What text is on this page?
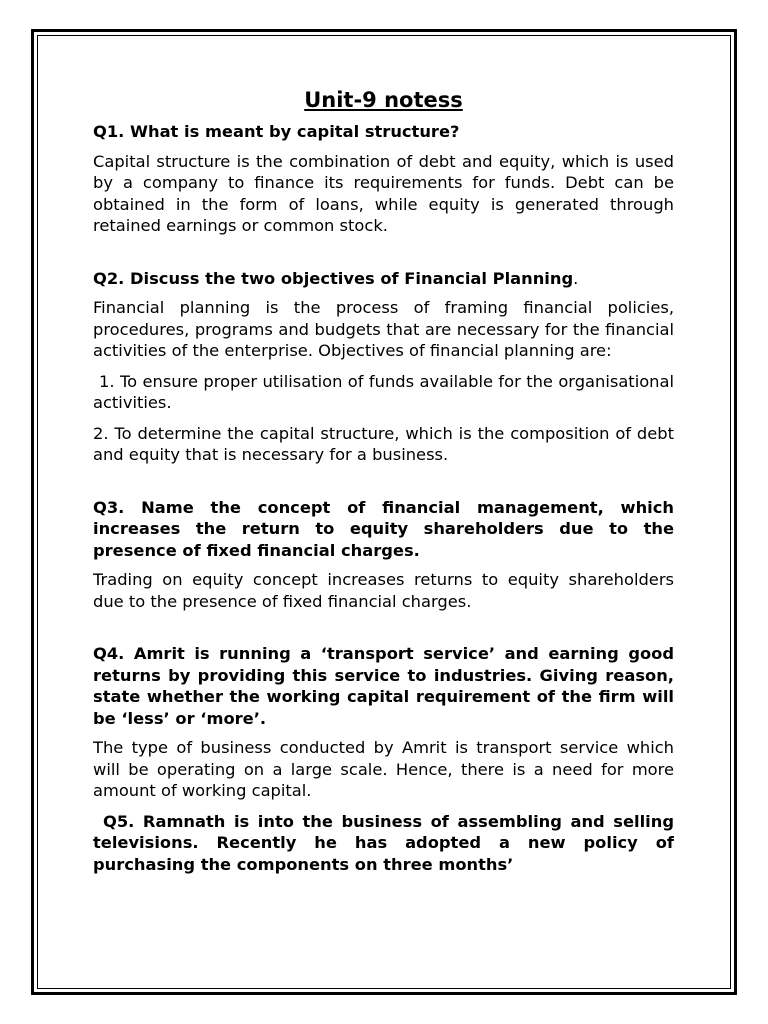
Unit-9 notess
Q1. What is meant by capital structure?
Capital structure is the combination of debt and equity, which is used by a company to finance its requirements for funds. Debt can be obtained in the form of loans, while equity is generated through retained earnings or common stock.
Q2. Discuss the two objectives of Financial Planning.
Financial planning is the process of framing financial policies, procedures, programs and budgets that are necessary for the financial activities of the enterprise. Objectives of financial planning are:
1. To ensure proper utilisation of funds available for the organisational activities.
2. To determine the capital structure, which is the composition of debt and equity that is necessary for a business.
Q3. Name the concept of financial management, which increases the return to equity shareholders due to the presence of fixed financial charges.
Trading on equity concept increases returns to equity shareholders due to the presence of fixed financial charges.
Q4. Amrit is running a ‘transport service’ and earning good returns by providing this service to industries. Giving reason, state whether the working capital requirement of the firm will be ‘less’ or ‘more’.
The type of business conducted by Amrit is transport service which will be operating on a large scale. Hence, there is a need for more amount of working capital.
Q5. Ramnath is into the business of assembling and selling televisions. Recently he has adopted a new policy of purchasing the components on three months’
